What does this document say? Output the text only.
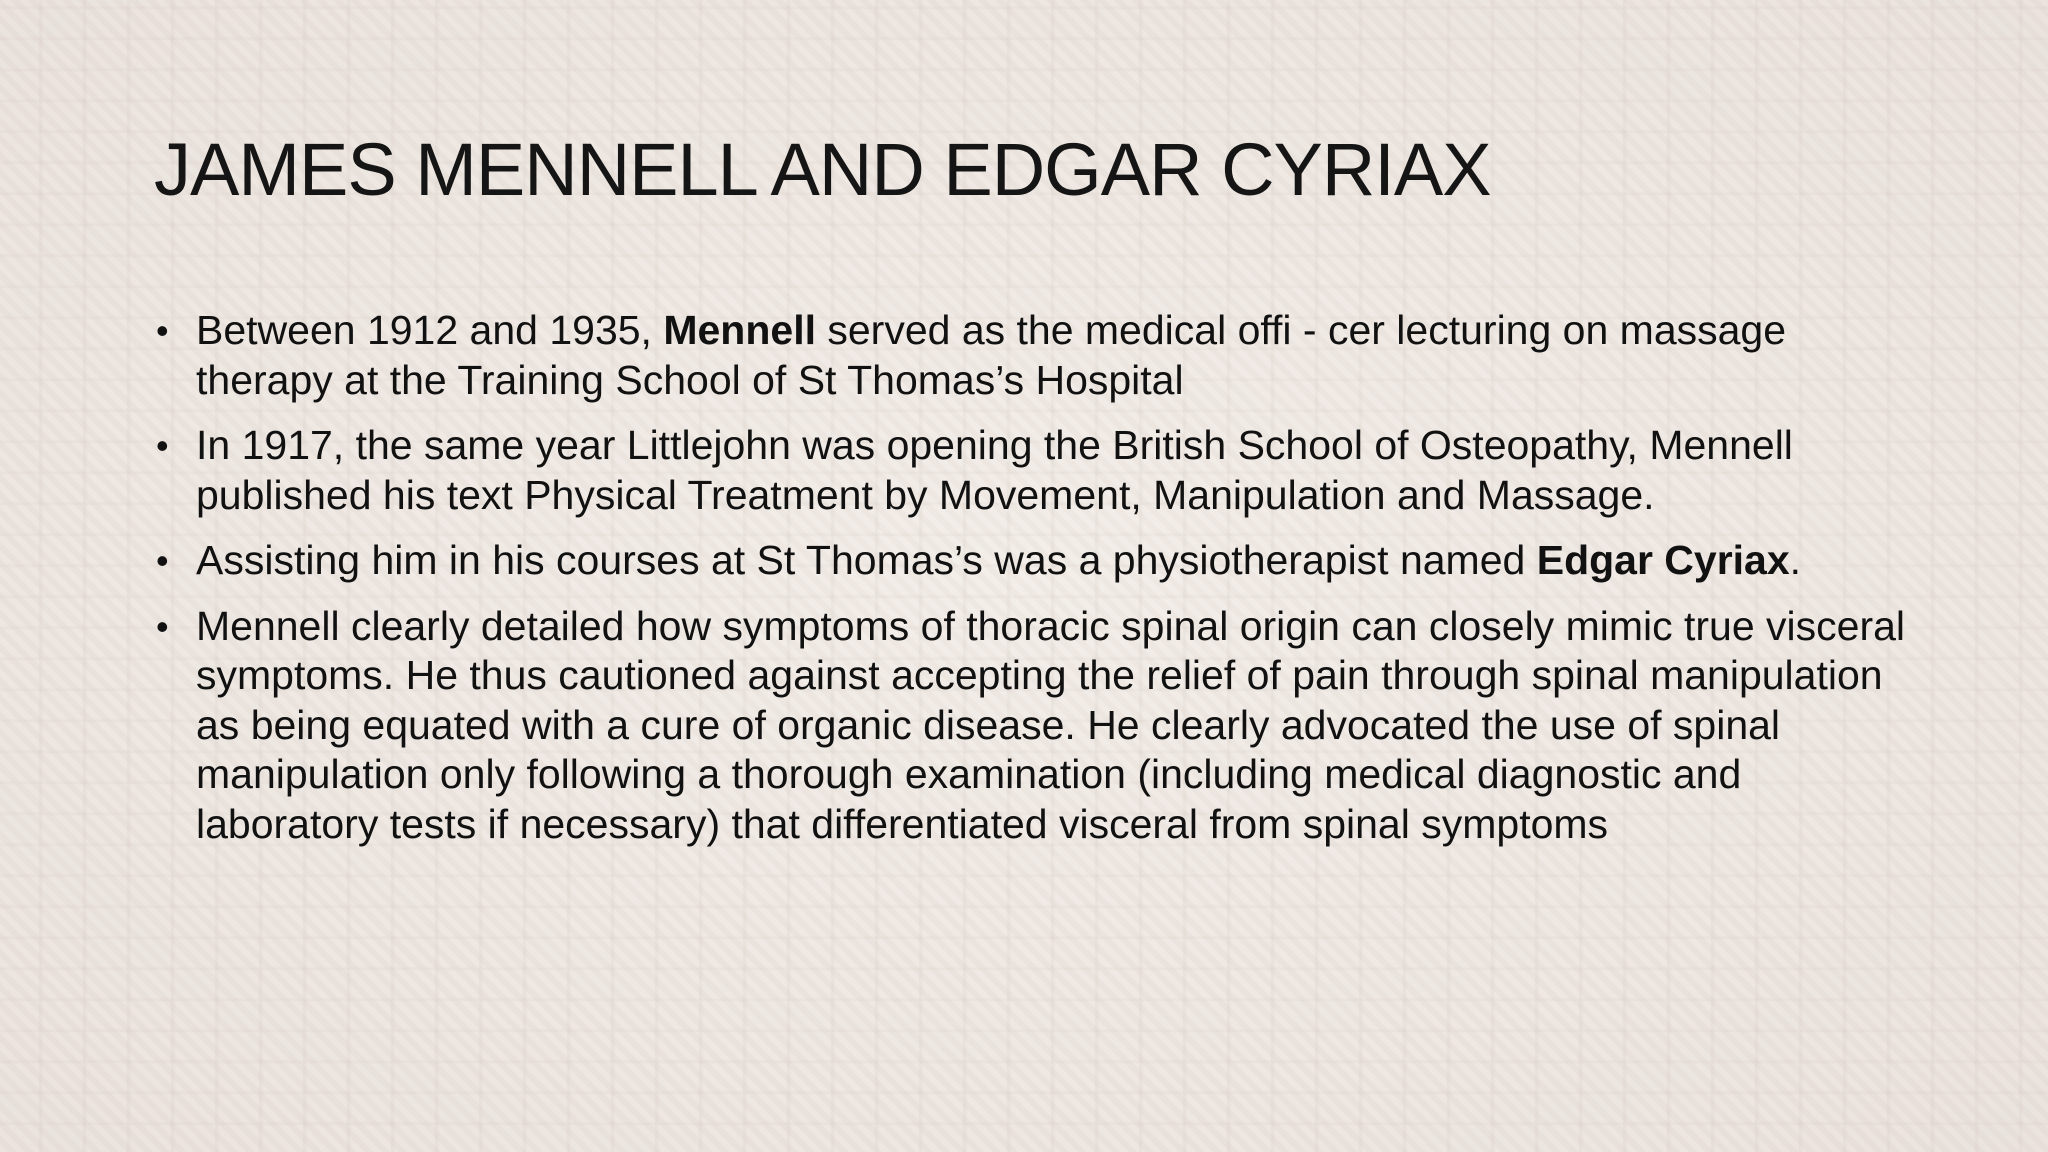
JAMES MENNELL AND EDGAR CYRIAX
• Between 1912 and 1935, Mennell served as the medical offi - cer lecturing on massage therapy at the Training School of St Thomas’s Hospital
• In 1917, the same year Littlejohn was opening the British School of Osteopathy, Mennell published his text Physical Treatment by Movement, Manipulation and Massage.
• Assisting him in his courses at St Thomas’s was a physiotherapist named Edgar Cyriax.
• Mennell clearly detailed how symptoms of thoracic spinal origin can closely mimic true visceral symptoms. He thus cautioned against accepting the relief of pain through spinal manipulation as being equated with a cure of organic disease. He clearly advocated the use of spinal manipulation only following a thorough examination (including medical diagnostic and laboratory tests if necessary) that differentiated visceral from spinal symptoms
